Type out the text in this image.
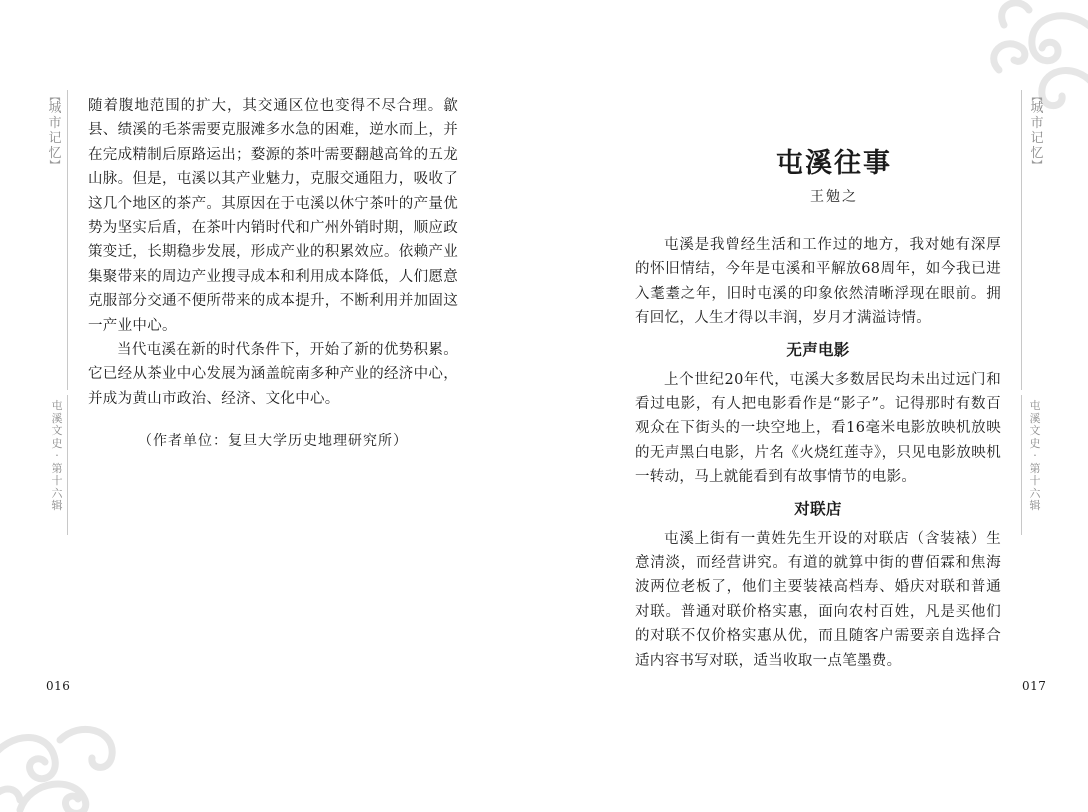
︻
城
市
记
忆
︼
屯
溪
文
史
·
第
十
六
辑

随着腹地范围的扩大，其交通区位也变得不尽合理。歙县、绩溪的毛茶需要克服滩多水急的困难，逆水而上，并在完成精制后原路运出；婺源的茶叶需要翻越高耸的五龙山脉。但是，屯溪以其产业魅力，克服交通阻力，吸收了这几个地区的茶产。其原因在于屯溪以休宁茶叶的产量优势为坚实后盾，在茶叶内销时代和广州外销时期，顺应政策变迁，长期稳步发展，形成产业的积累效应。依赖产业集聚带来的周边产业搜寻成本和利用成本降低，人们愿意克服部分交通不便所带来的成本提升，不断利用并加固这一产业中心。

当代屯溪在新的时代条件下，开始了新的优势积累。它已经从茶业中心发展为涵盖皖南多种产业的经济中心，并成为黄山市政治、经济、文化中心。

（作者单位：复旦大学历史地理研究所）
016
︻
城
市
记
忆
︼
屯
溪
文
史
·
第
十
六
辑
屯溪往事
王勉之

屯溪是我曾经生活和工作过的地方，我对她有深厚的怀旧情结，今年是屯溪和平解放68周年，如今我已进入耄耋之年，旧时屯溪的印象依然清晰浮现在眼前。拥有回忆，人生才得以丰润，岁月才满溢诗情。

无声电影

上个世纪20年代，屯溪大多数居民均未出过远门和看过电影，有人把电影看作是“影子”。记得那时有数百观众在下街头的一块空地上，看16毫米电影放映机放映的无声黑白电影，片名《火烧红莲寺》，只见电影放映机一转动，马上就能看到有故事情节的电影。

对联店

屯溪上街有一黄姓先生开设的对联店（含装裱）生意清淡，而经营讲究。有道的就算中街的曹佰霖和焦海波两位老板了，他们主要装裱高档寿、婚庆对联和普通对联。普通对联价格实惠，面向农村百姓，凡是买他们的对联不仅价格实惠从优，而且随客户需要亲自选择合适内容书写对联，适当收取一点笔墨费。

017
